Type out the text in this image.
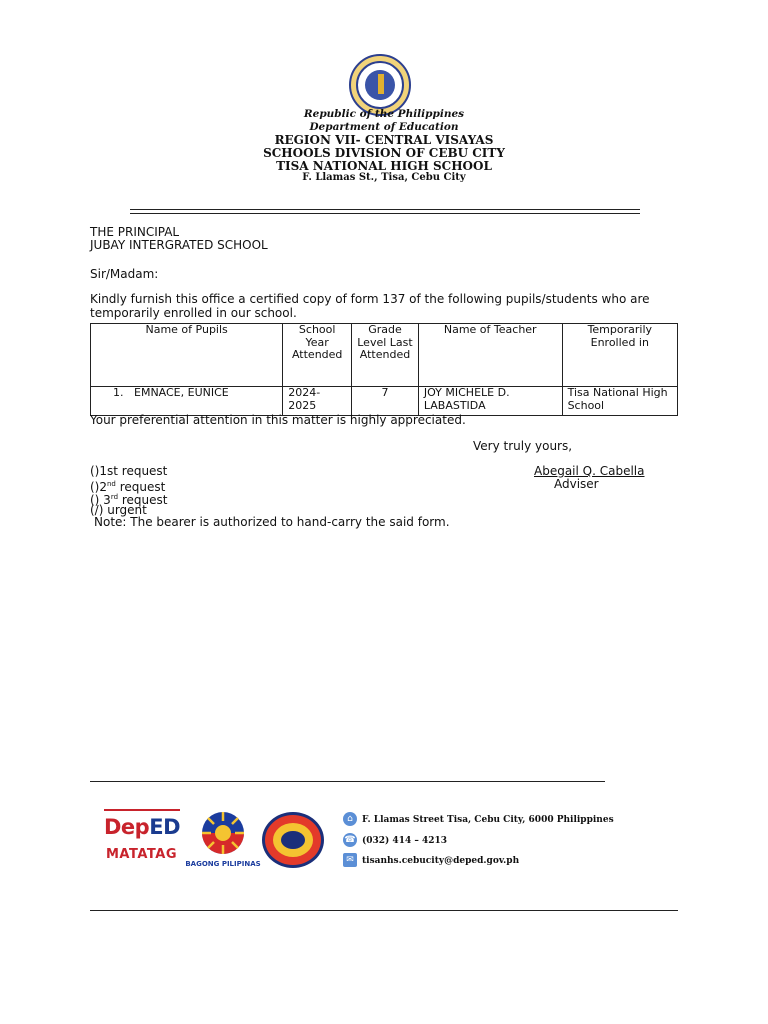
Republic of the Philippines
Department of Education
REGION VII- CENTRAL VISAYAS
SCHOOLS DIVISION OF CEBU CITY
TISA NATIONAL HIGH SCHOOL
F. Llamas St., Tisa, Cebu City
THE PRINCIPAL
JUBAY INTERGRATED SCHOOL
Sir/Madam:
Kindly furnish this office a certified copy of form 137 of the following pupils/students who are temporarily enrolled in our school.
Name of Pupils	School Year Attended	Grade Level Last Attended	Name of Teacher	Temporarily Enrolled in
1. EMNACE, EUNICE	2024-2025	7	JOY MICHELE D. LABASTIDA	Tisa National High School
Your preferential attention in this matter is highly appreciated.
Very truly yours,
()1st request
()2nd request
() 3rd request
(/) urgent
Note: The bearer is authorized to hand-carry the said form.
Abegail Q. Cabella
Adviser
DepED
MATATAG
BAGONG PILIPINAS
⌂	F. Llamas Street Tisa, Cebu City, 6000 Philippines
☎ (032) 414 – 4213
✉ tisanhs.cebucity@deped.gov.ph
